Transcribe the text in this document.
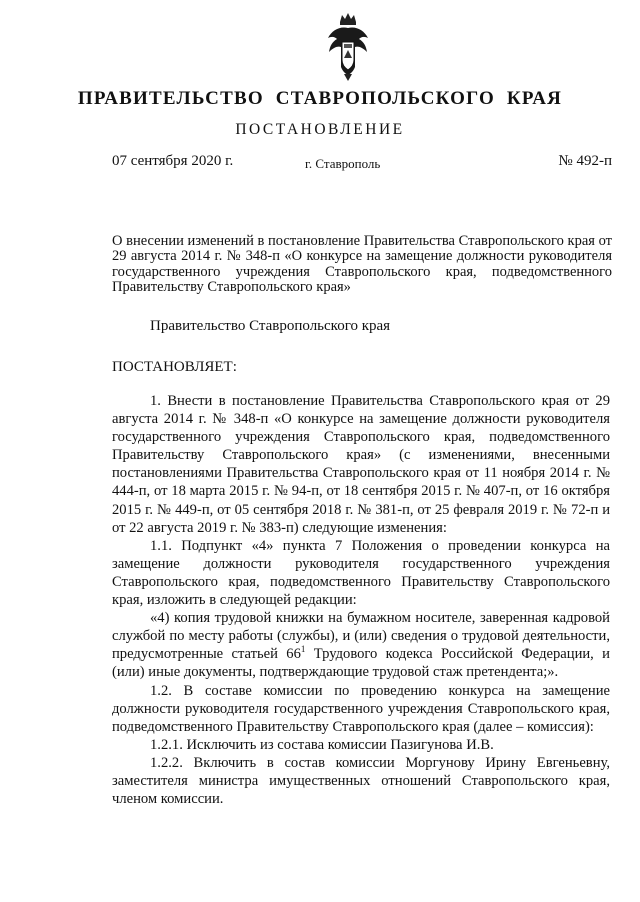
ПРАВИТЕЛЬСТВО СТАВРОПОЛЬСКОГО КРАЯ
ПОСТАНОВЛЕНИЕ
07 сентября 2020 г.	г. Ставрополь	№ 492-п
О внесении изменений в постановление Правительства Ставропольского края от 29 августа 2014 г. № 348-п «О конкурсе на замещение должности руководителя государственного учреждения Ставропольского края, подведомственного Правительству Ставропольского края»
Правительство Ставропольского края
ПОСТАНОВЛЯЕТ:

1. Внести в постановление Правительства Ставропольского края от 29 августа 2014 г. № 348-п «О конкурсе на замещение должности руководителя государственного учреждения Ставропольского края, подведомственного Правительству Ставропольского края» (с изменениями, внесенными постановлениями Правительства Ставропольского края от 11 ноября 2014 г. № 444-п, от 18 марта 2015 г. № 94-п, от 18 сентября 2015 г. № 407-п, от 16 октября 2015 г. № 449-п, от 05 сентября 2018 г. № 381-п, от 25 февраля 2019 г. № 72-п и от 22 августа 2019 г. № 383-п) следующие изменения:

1.1. Подпункт «4» пункта 7 Положения о проведении конкурса на замещение должности руководителя государственного учреждения Ставропольского края, подведомственного Правительству Ставропольского края, изложить в следующей редакции:

«4) копия трудовой книжки на бумажном носителе, заверенная кадровой службой по месту работы (службы), и (или) сведения о трудовой деятельности, предусмотренные статьей $66^1$ Трудового кодекса Российской Федерации, и (или) иные документы, подтверждающие трудовой стаж претендента;».

1.2. В составе комиссии по проведению конкурса на замещение должности руководителя государственного учреждения Ставропольского края, подведомственного Правительству Ставропольского края (далее – комиссия):

1.2.1. Исключить из состава комиссии Пазигунова И.В.

1.2.2. Включить в состав комиссии Моргунову Ирину Евгеньевну, заместителя министра имущественных отношений Ставропольского края, членом комиссии.
